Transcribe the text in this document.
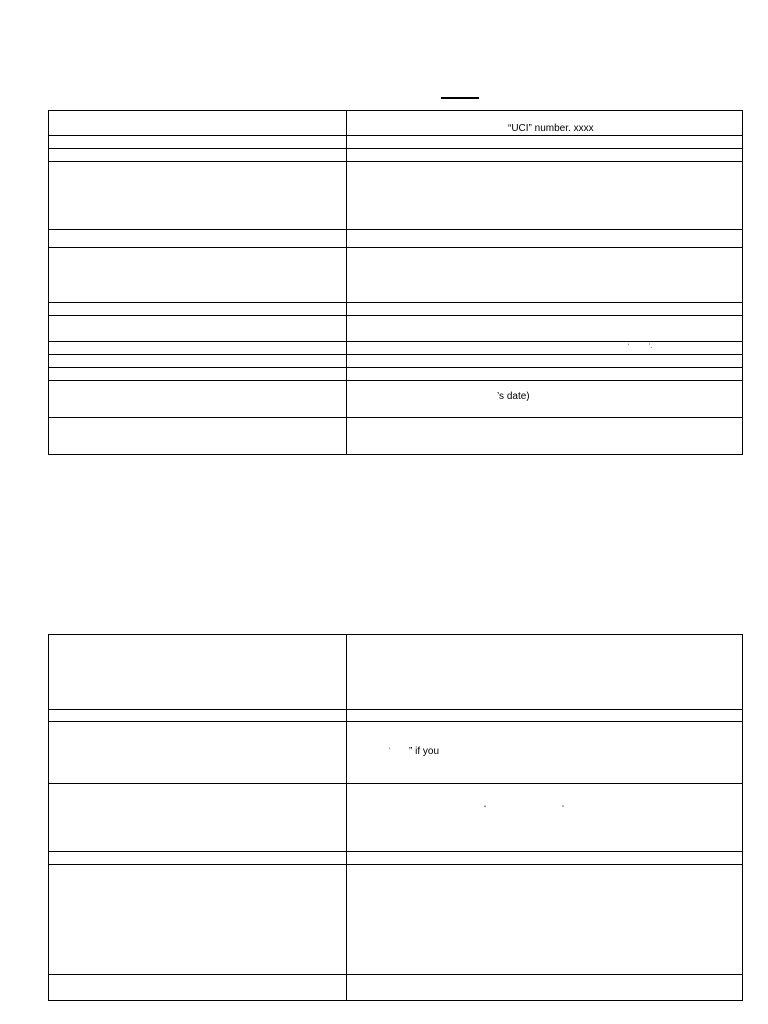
	“UCI” number. xxxx

	‘ ’.

	’s date)

	‘ ” if you

	“ ”
